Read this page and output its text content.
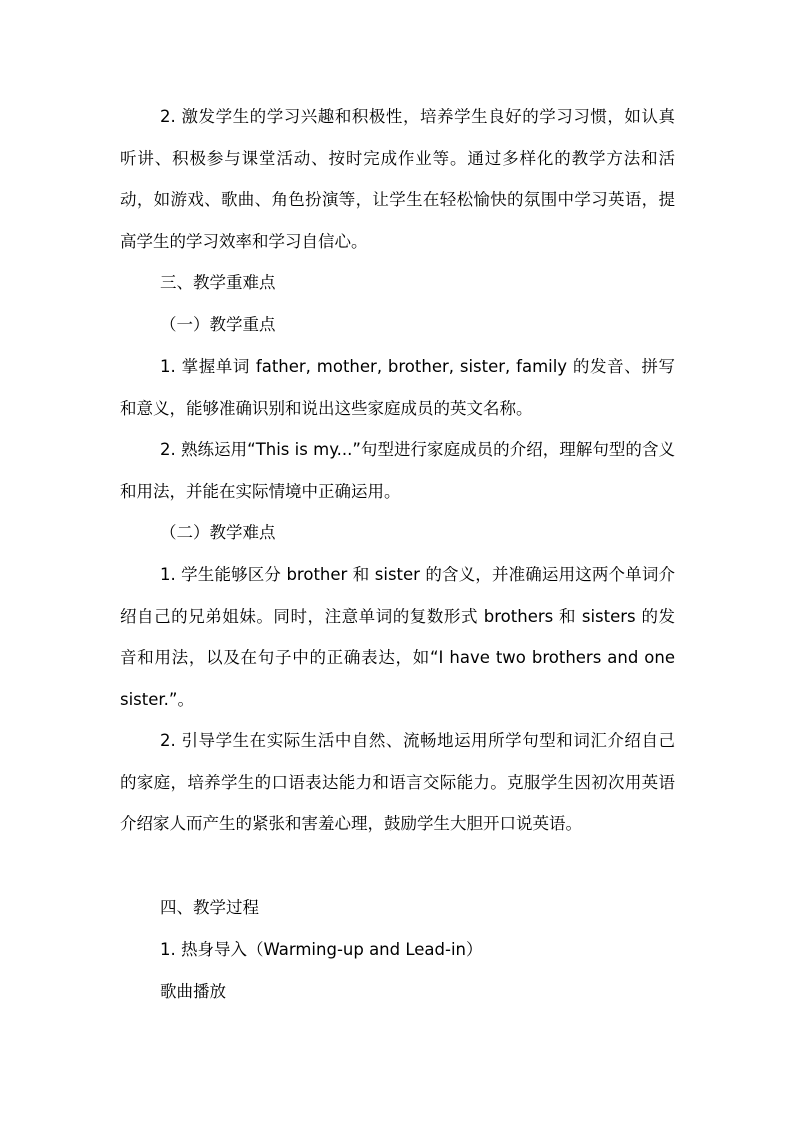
2. 激发学生的学习兴趣和积极性，培养学生良好的学习习惯，如认真听讲、积极参与课堂活动、按时完成作业等。通过多样化的教学方法和活动，如游戏、歌曲、角色扮演等，让学生在轻松愉快的氛围中学习英语，提高学生的学习效率和学习自信心。

三、教学重难点

（一）教学重点

1. 掌握单词 father, mother, brother, sister, family 的发音、拼写和意义，能够准确识别和说出这些家庭成员的英文名称。

2. 熟练运用“This is my...”句型进行家庭成员的介绍，理解句型的含义和用法，并能在实际情境中正确运用。

（二）教学难点

1. 学生能够区分 brother 和 sister 的含义，并准确运用这两个单词介绍自己的兄弟姐妹。同时，注意单词的复数形式 brothers 和 sisters 的发音和用法，以及在句子中的正确表达，如“I have two brothers and one sister.”。

2. 引导学生在实际生活中自然、流畅地运用所学句型和词汇介绍自己的家庭，培养学生的口语表达能力和语言交际能力。克服学生因初次用英语介绍家人而产生的紧张和害羞心理，鼓励学生大胆开口说英语。

四、教学过程

1. 热身导入（Warming-up and Lead-in）

歌曲播放
